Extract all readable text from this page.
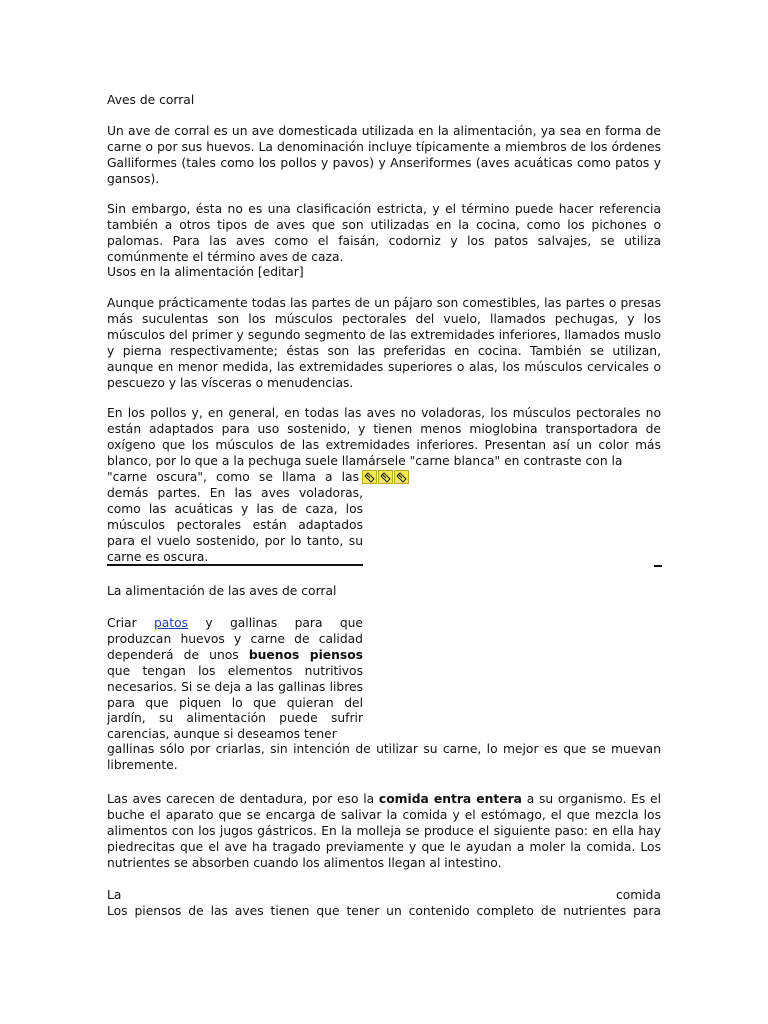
Aves de corral
Un ave de corral es un ave domesticada utilizada en la alimentación, ya sea en forma de carne o por sus huevos. La denominación incluye típicamente a miembros de los órdenes Galliformes (tales como los pollos y pavos) y Anseriformes (aves acuáticas como patos y gansos).
Sin embargo, ésta no es una clasificación estricta, y el término puede hacer referencia también a otros tipos de aves que son utilizadas en la cocina, como los pichones o palomas. Para las aves como el faisán, codorniz y los patos salvajes, se utiliza comúnmente el término aves de caza.
Usos en la alimentación [editar]
Aunque prácticamente todas las partes de un pájaro son comestibles, las partes o presas más suculentas son los músculos pectorales del vuelo, llamados pechugas, y los músculos del primer y segundo segmento de las extremidades inferiores, llamados muslo y pierna respectivamente; éstas son las preferidas en cocina. También se utilizan, aunque en menor medida, las extremidades superiores o alas, los músculos cervicales o pescuezo y las vísceras o menudencias.
En los pollos y, en general, en todas las aves no voladoras, los músculos pectorales no están adaptados para uso sostenido, y tienen menos mioglobina transportadora de oxígeno que los músculos de las extremidades inferiores. Presentan así un color más blanco, por lo que a la pechuga suele llamársele "carne blanca" en contraste con la
"carne oscura", como se llama a las
demás partes. En las aves voladoras, como las acuáticas y las de caza, los músculos pectorales están adaptados para el vuelo sostenido, por lo tanto, su carne es oscura.
La alimentación de las aves de corral
Criar patos y gallinas para que produzcan huevos y carne de calidad dependerá de unos buenos piensos que tengan los elementos nutritivos necesarios. Si se deja a las gallinas libres para que piquen lo que quieran del jardín, su alimentación puede sufrir carencias, aunque si deseamos tener
gallinas sólo por criarlas, sin intención de utilizar su carne, lo mejor es que se muevan libremente.
Las aves carecen de dentadura, por eso la comida entra entera a su organismo. Es el buche el aparato que se encarga de salivar la comida y el estómago, el que mezcla los alimentos con los jugos gástricos. En la molleja se produce el siguiente paso: en ella hay piedrecitas que el ave ha tragado previamente y que le ayudan a moler la comida. Los nutrientes se absorben cuando los alimentos llegan al intestino.
La	comida
Los piensos de las aves tienen que tener un contenido completo de nutrientes para
